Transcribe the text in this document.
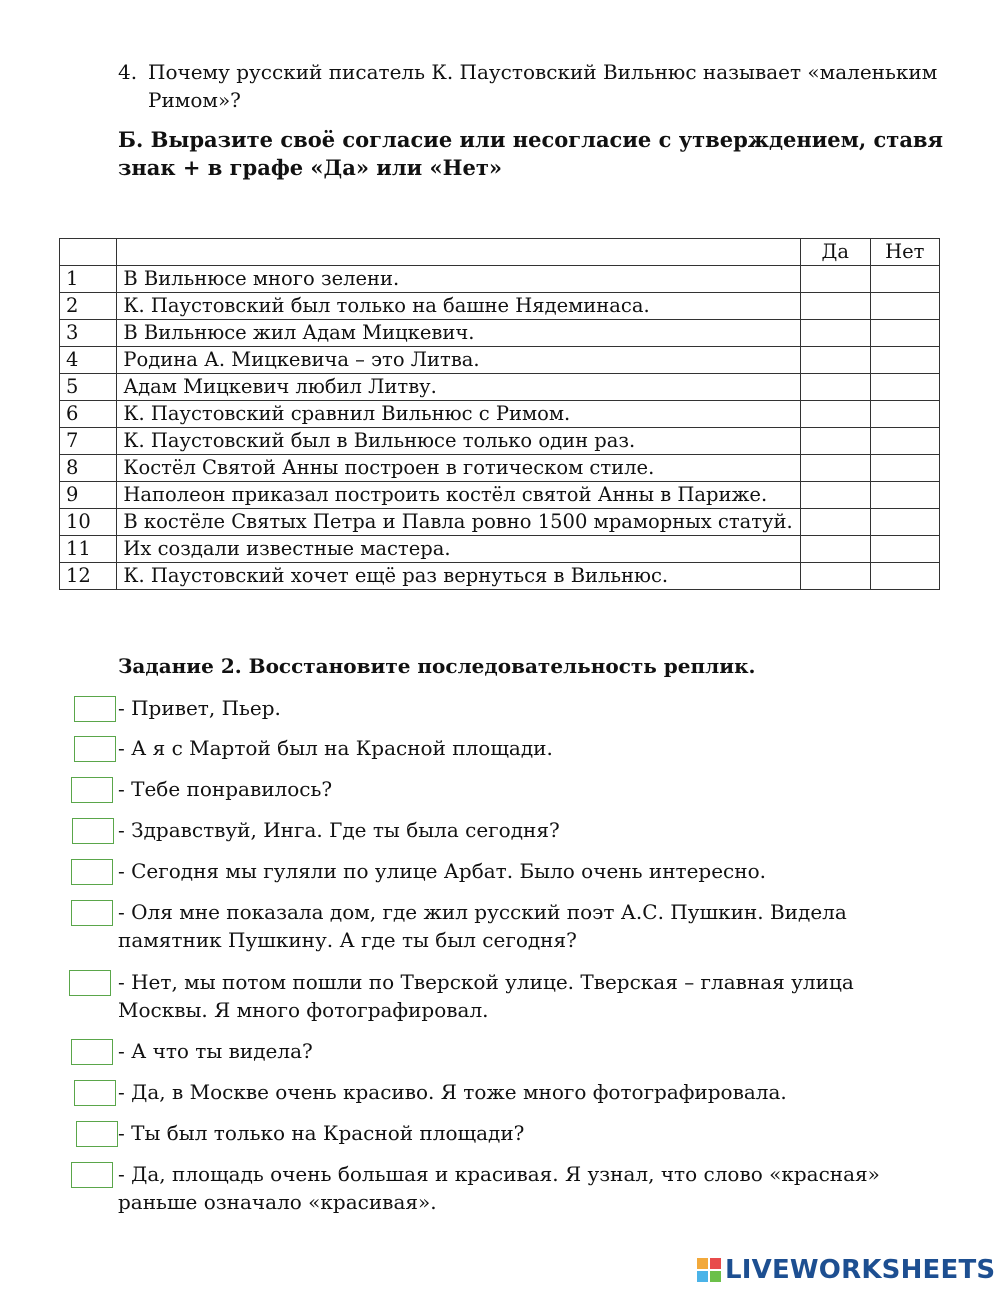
4. Почему русский писатель К. Паустовский Вильнюс называет «маленьким Римом»?
Б. Выразите своё согласие или несогласие с утверждением, ставя знак + в графе «Да» или «Нет»
		Да	Нет
1	В Вильнюсе много зелени.		
2	К. Паустовский был только на башне Нядеминаса.		
3	В Вильнюсе жил Адам Мицкевич.		
4	Родина А. Мицкевича – это Литва.		
5	Адам Мицкевич любил Литву.		
6	К. Паустовский сравнил Вильнюс с Римом.		
7	К. Паустовский был в Вильнюсе только один раз.		
8	Костёл Святой Анны построен в готическом стиле.		
9	Наполеон приказал построить костёл святой Анны в Париже.		
10	В костёле Святых Петра и Павла ровно 1500 мраморных статуй.		
11	Их создали известные мастера.		
12	К. Паустовский хочет ещё раз вернуться в Вильнюс.		
Задание 2. Восстановите последовательность реплик.
- Привет, Пьер.
- А я с Мартой был на Красной площади.
- Тебе понравилось?
- Здравствуй, Инга. Где ты была сегодня?
- Сегодня мы гуляли по улице Арбат. Было очень интересно.
- Оля мне показала дом, где жил русский поэт А.С. Пушкин. Видела памятник Пушкину. А где ты был сегодня?
- Нет, мы потом пошли по Тверской улице. Тверская – главная улица Москвы. Я много фотографировал.
- А что ты видела?
- Да, в Москве очень красиво. Я тоже много фотографировала.
- Ты был только на Красной площади?
- Да, площадь очень большая и красивая. Я узнал, что слово «красная» раньше означало «красивая».
LIVEWORKSHEETS
